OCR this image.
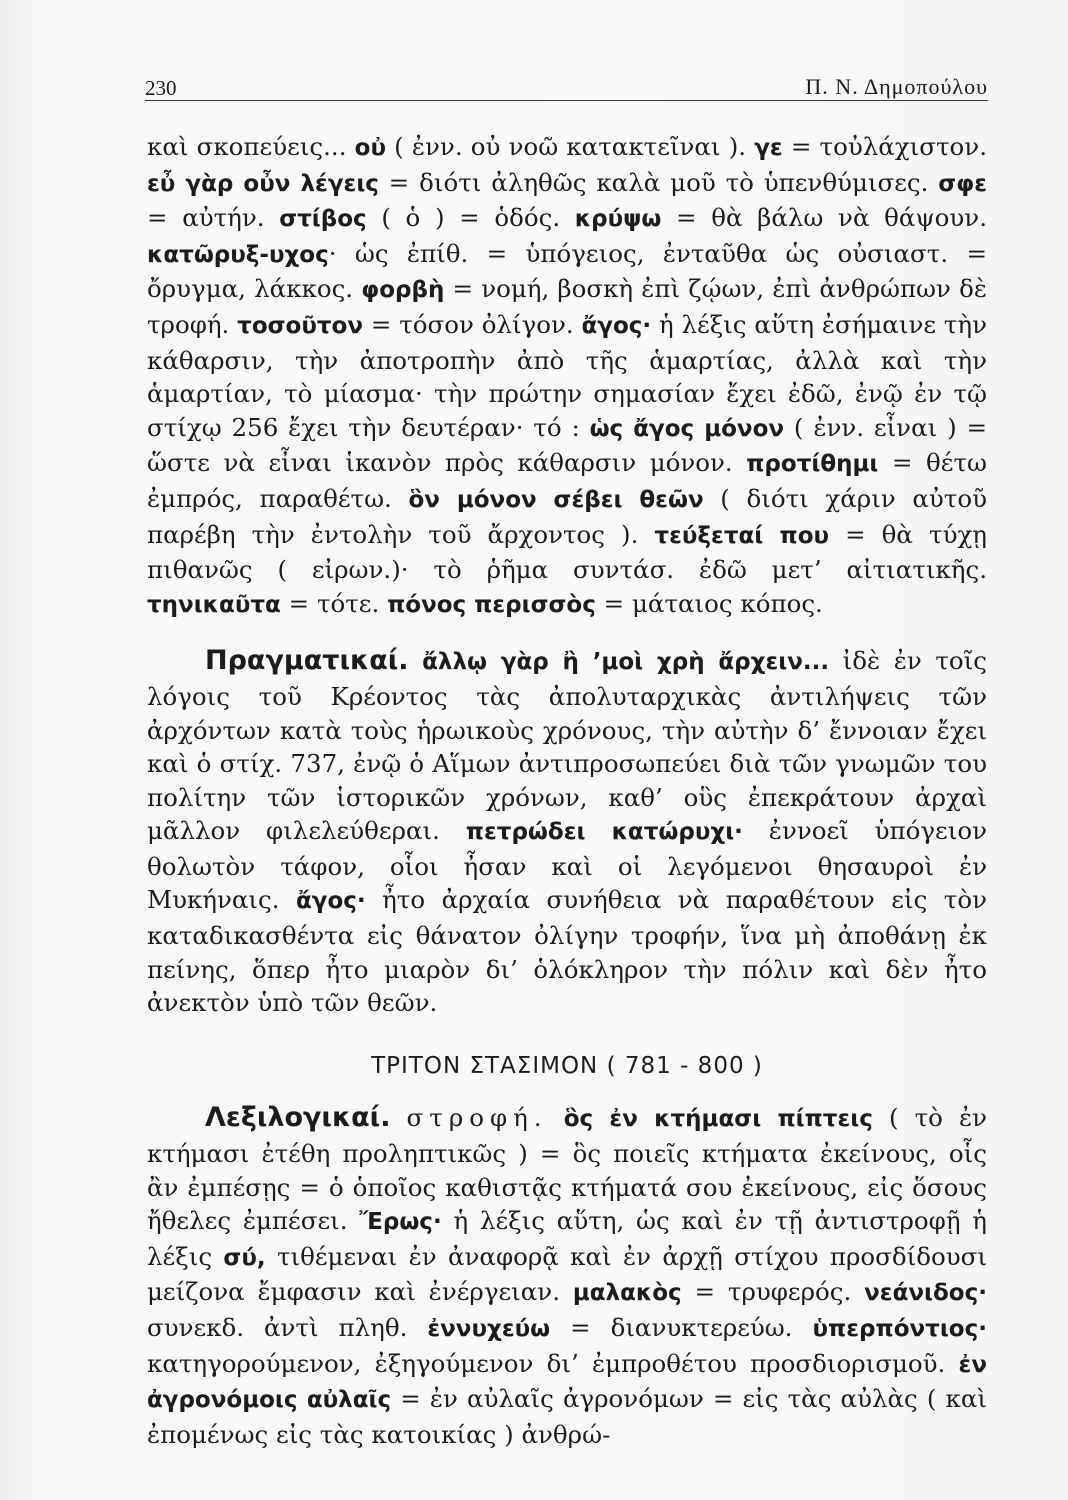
230	Π. Ν. Δημοπούλου

καὶ σκοπεύεις... οὐ ( ἐνν. οὐ νοῶ κατακτεῖναι ). γε = τοὐλάχιστον. εὖ γὰρ οὖν λέγεις = διότι ἀληθῶς καλὰ μοῦ τὸ ὑπενθύμισες. σφε = αὐτήν. στίβος ( ὁ ) = ὁδός. κρύψω = θὰ βάλω νὰ θάψουν. κατῶρυξ-υχος· ὡς ἐπίθ. = ὑπόγειος, ἐνταῦθα ὡς οὐσιαστ. = ὄρυγμα, λάκκος. φορβὴ = νομή, βοσκὴ ἐπὶ ζῴων, ἐπὶ ἀνθρώπων δὲ τροφή. τοσοῦτον = τόσον ὀλίγον. ἄγος· ἡ λέξις αὕτη ἐσήμαινε τὴν κάθαρσιν, τὴν ἀποτροπὴν ἀπὸ τῆς ἁμαρτίας, ἀλλὰ καὶ τὴν ἁμαρτίαν, τὸ μίασμα· τὴν πρώτην σημασίαν ἔχει ἐδῶ, ἐνῷ ἐν τῷ στίχῳ 256 ἔχει τὴν δευτέραν· τό : ὡς ἄγος μόνον ( ἐνν. εἶναι ) = ὥστε νὰ εἶναι ἱκανὸν πρὸς κάθαρσιν μόνον. προτίθημι = θέτω ἐμπρός, παραθέτω. ὃν μόνον σέβει θεῶν ( διότι χάριν αὐτοῦ παρέβη τὴν ἐντολὴν τοῦ ἄρχοντος ). τεύξεταί που = θὰ τύχῃ πιθανῶς ( εἰρων.)· τὸ ῥῆμα συντάσ. ἐδῶ μετ’ αἰτιατικῆς. τηνικαῦτα = τότε. πόνος περισσὸς = μάταιος κόπος.

Πραγματικαί. ἄλλῳ γὰρ ἢ ’μοὶ χρὴ ἄρχειν... ἰδὲ ἐν τοῖς λόγοις τοῦ Κρέοντος τὰς ἀπολυταρχικὰς ἀντιλήψεις τῶν ἀρχόντων κατὰ τοὺς ἡρωικοὺς χρόνους, τὴν αὐτὴν δ’ ἔννοιαν ἔχει καὶ ὁ στίχ. 737, ἐνῷ ὁ Αἵμων ἀντιπροσωπεύει διὰ τῶν γνωμῶν του πολίτην τῶν ἱστορικῶν χρόνων, καθ’ οὓς ἐπεκράτουν ἀρχαὶ μᾶλλον φιλελεύθεραι. πετρώδει κατώρυχι· ἐννοεῖ ὑπόγειον θολωτὸν τάφον, οἷοι ἦσαν καὶ οἱ λεγόμενοι θησαυροὶ ἐν Μυκήναις. ἄγος· ἦτο ἀρχαία συνήθεια νὰ παραθέτουν εἰς τὸν καταδικασθέντα εἰς θάνατον ὀλίγην τροφήν, ἵνα μὴ ἀποθάνῃ ἐκ πείνης, ὅπερ ἦτο μιαρὸν δι’ ὁλόκληρον τὴν πόλιν καὶ δὲν ἦτο ἀνεκτὸν ὑπὸ τῶν θεῶν.

ΤΡΙΤΟΝ ΣΤΑΣΙΜΟΝ ( 781 - 800 )

Λεξιλογικαί. στροφή. ὃς ἐν κτήμασι πίπτεις ( τὸ ἐν κτήμασι ἐτέθη προληπτικῶς ) = ὃς ποιεῖς κτήματα ἐκείνους, οἷς ἂν ἐμπέσῃς = ὁ ὁποῖος καθιστᾷς κτήματά σου ἐκείνους, εἰς ὅσους ἤθελες ἐμπέσει. Ἔρως· ἡ λέξις αὕτη, ὡς καὶ ἐν τῇ ἀντιστροφῇ ἡ λέξις σύ, τιθέμεναι ἐν ἀναφορᾷ καὶ ἐν ἀρχῇ στίχου προσδίδουσι μείζονα ἔμφασιν καὶ ἐνέργειαν. μαλακὸς = τρυφερός. νεάνιδος· συνεκδ. ἀντὶ πληθ. ἐννυχεύω = διανυκτερεύω. ὑπερπόντιος· κατηγορούμενον, ἐξηγούμενον δι’ ἐμπροθέτου προσδιορισμοῦ. ἐν ἀγρονόμοις αὐλαῖς = ἐν αὐλαῖς ἀγρονόμων = εἰς τὰς αὐλὰς ( καὶ ἐπομένως εἰς τὰς κατοικίας ) ἀνθρώ-
